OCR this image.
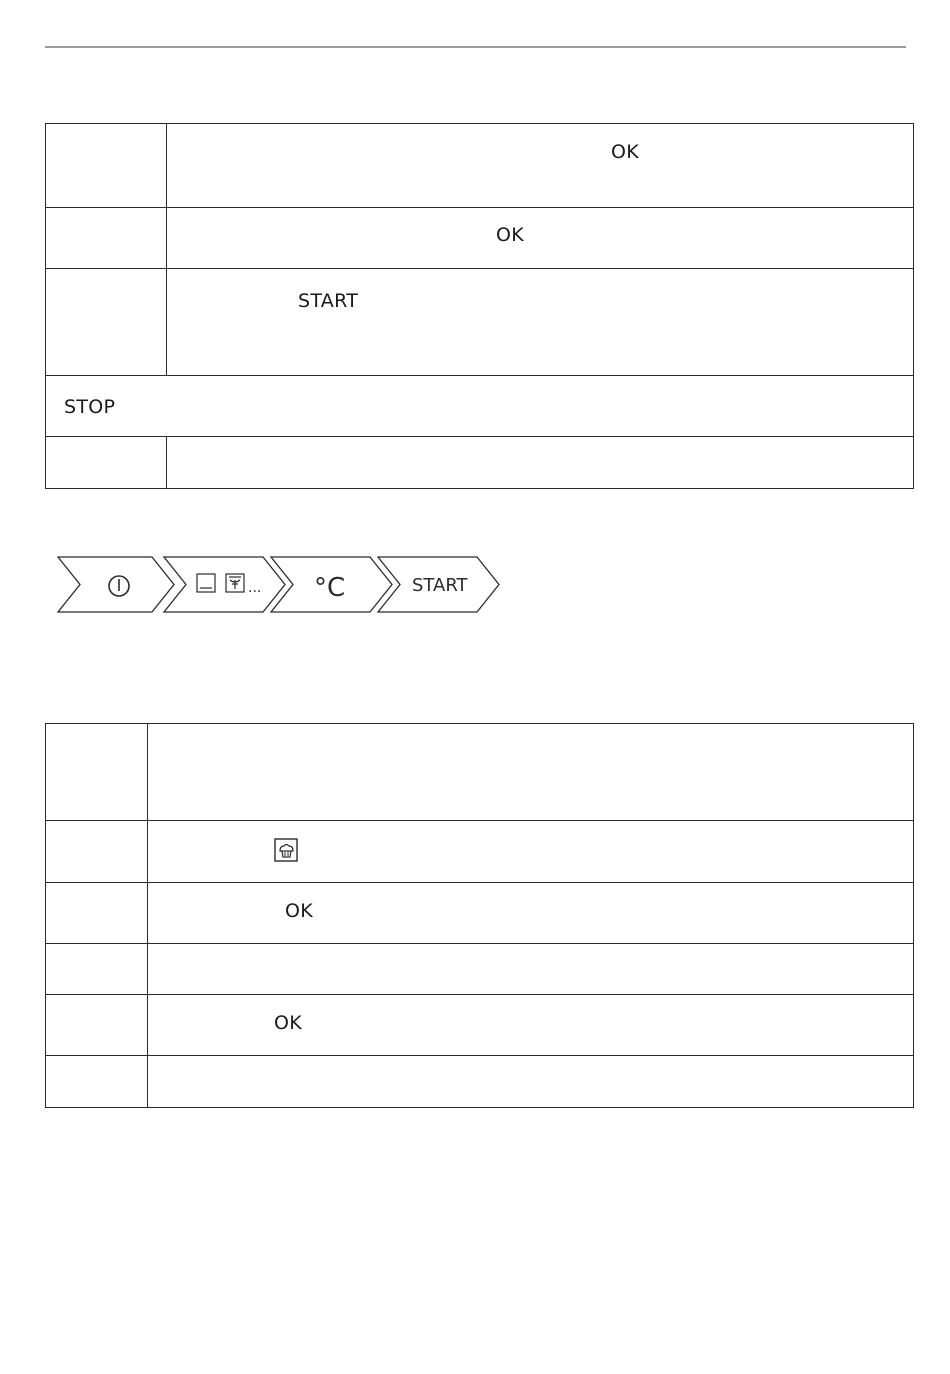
	OK

	OK

	START

STOP	

... °C	START

	OK

	OK
